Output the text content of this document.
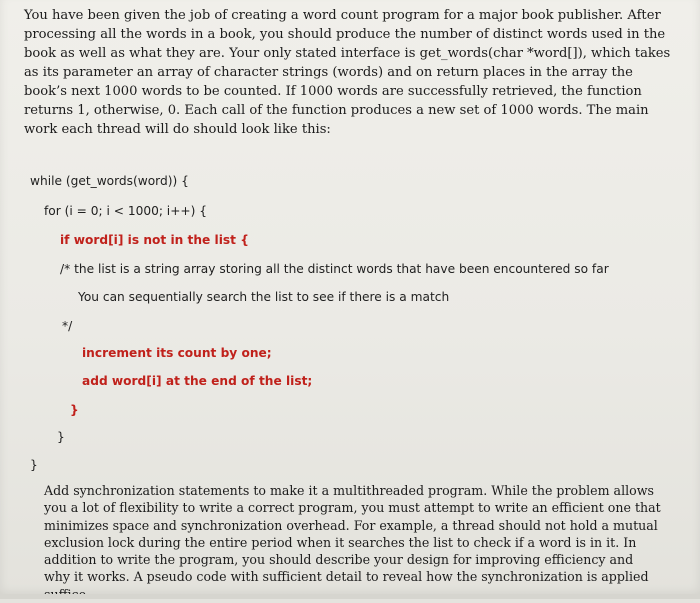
You have been given the job of creating a word count program for a major book publisher. After processing all the words in a book, you should produce the number of distinct words used in the book as well as what they are. Your only stated interface is get_words(char *word[]), which takes as its parameter an array of character strings (words) and on return places in the array the book’s next 1000 words to be counted. If 1000 words are successfully retrieved, the function returns 1, otherwise, 0. Each call of the function produces a new set of 1000 words. The main work each thread will do should look like this:

while (get_words(word)) {

for (i = 0; i < 1000; i++) {

if word[i] is not in the list {

/* the list is a string array storing all the distinct words that have been encountered so far

You can sequentially search the list to see if there is a match

*/

increment its count by one;

add word[i] at the end of the list;

}

}

}

Add synchronization statements to make it a multithreaded program. While the problem allows you a lot of flexibility to write a correct program, you must attempt to write an efficient one that minimizes space and synchronization overhead. For example, a thread should not hold a mutual exclusion lock during the entire period when it searches the list to check if a word is in it. In addition to write the program, you should describe your design for improving efficiency and why it works. A pseudo code with sufficient detail to reveal how the synchronization is applied
